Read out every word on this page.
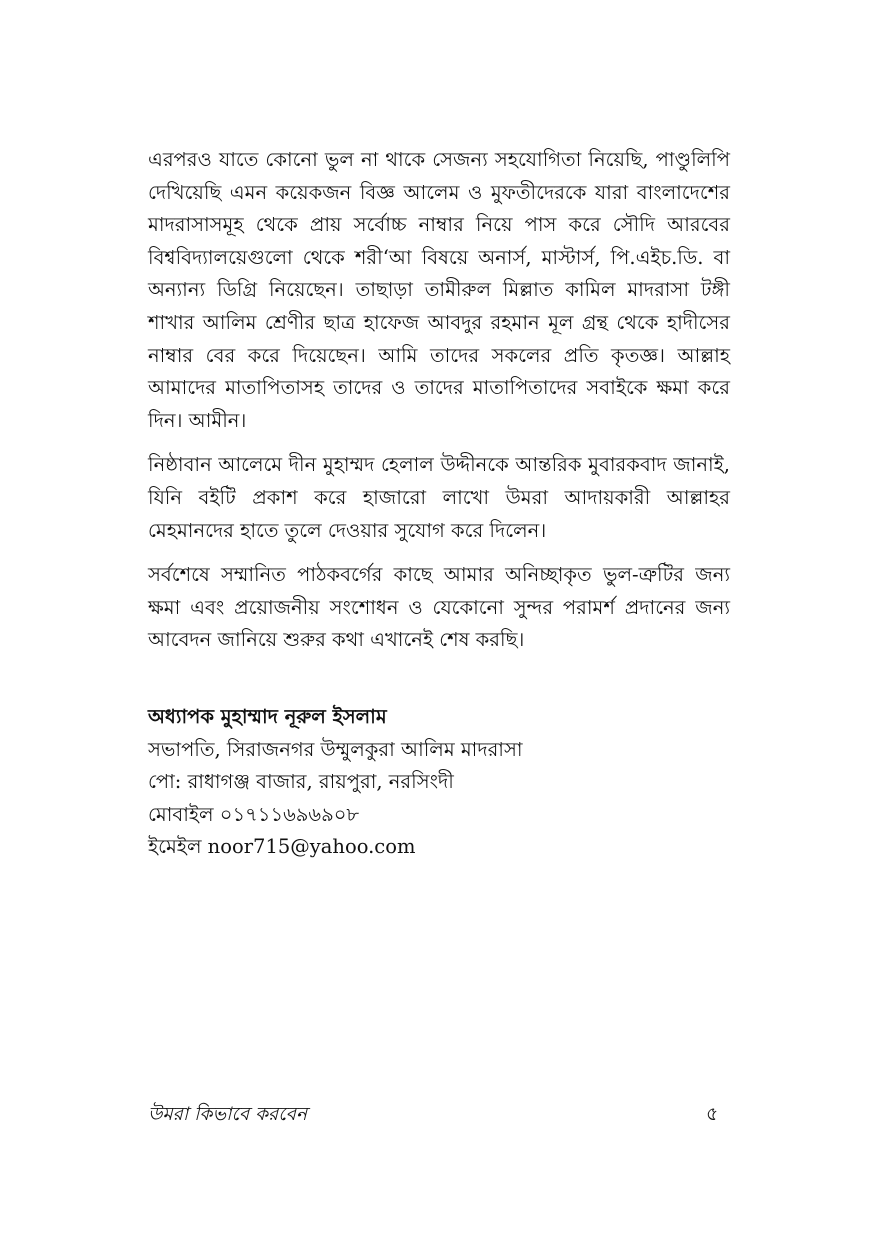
এরপরও যাতে কোনো ভুল না থাকে সেজন্য সহযোগিতা নিয়েছি, পাণ্ডুলিপি দেখিয়েছি এমন কয়েকজন বিজ্ঞ আলেম ও মুফতীদেরকে যারা বাংলাদেশের মাদরাসাসমূহ থেকে প্রায় সর্বোচ্চ নাম্বার নিয়ে পাস করে সৌদি আরবের বিশ্ববিদ্যালয়েগুলো থেকে শরী‘আ বিষয়ে অনার্স, মাস্টার্স, পি.এইচ.ডি. বা অন্যান্য ডিগ্রি নিয়েছেন। তাছাড়া তামীরুল মিল্লাত কামিল মাদরাসা টঙ্গী শাখার আলিম শ্রেণীর ছাত্র হাফেজ আবদুর রহমান মূল গ্রন্থ থেকে হাদীসের নাম্বার বের করে দিয়েছেন। আমি তাদের সকলের প্রতি কৃতজ্ঞ। আল্লাহ আমাদের মাতাপিতাসহ তাদের ও তাদের মাতাপিতাদের সবাইকে ক্ষমা করে দিন। আমীন।

নিষ্ঠাবান আলেমে দীন মুহাম্মদ হেলাল উদ্দীনকে আন্তরিক মুবারকবাদ জানাই, যিনি বইটি প্রকাশ করে হাজারো লাখো উমরা আদায়কারী আল্লাহর মেহমানদের হাতে তুলে দেওয়ার সুযোগ করে দিলেন।

সর্বশেষে সম্মানিত পাঠকবর্গের কাছে আমার অনিচ্ছাকৃত ভুল-ত্রুটির জন্য ক্ষমা এবং প্রয়োজনীয় সংশোধন ও যেকোনো সুন্দর পরামর্শ প্রদানের জন্য আবেদন জানিয়ে শুরুর কথা এখানেই শেষ করছি।

অধ্যাপক মুহাম্মাদ নূরুল ইসলাম
সভাপতি, সিরাজনগর উম্মুলকুরা আলিম মাদরাসা
পো: রাধাগঞ্জ বাজার, রায়পুরা, নরসিংদী
মোবাইল ০১৭১১৬৯৬৯০৮
ইমেইল noor715@yahoo.com
উমরা কিভাবে করবেন	৫
